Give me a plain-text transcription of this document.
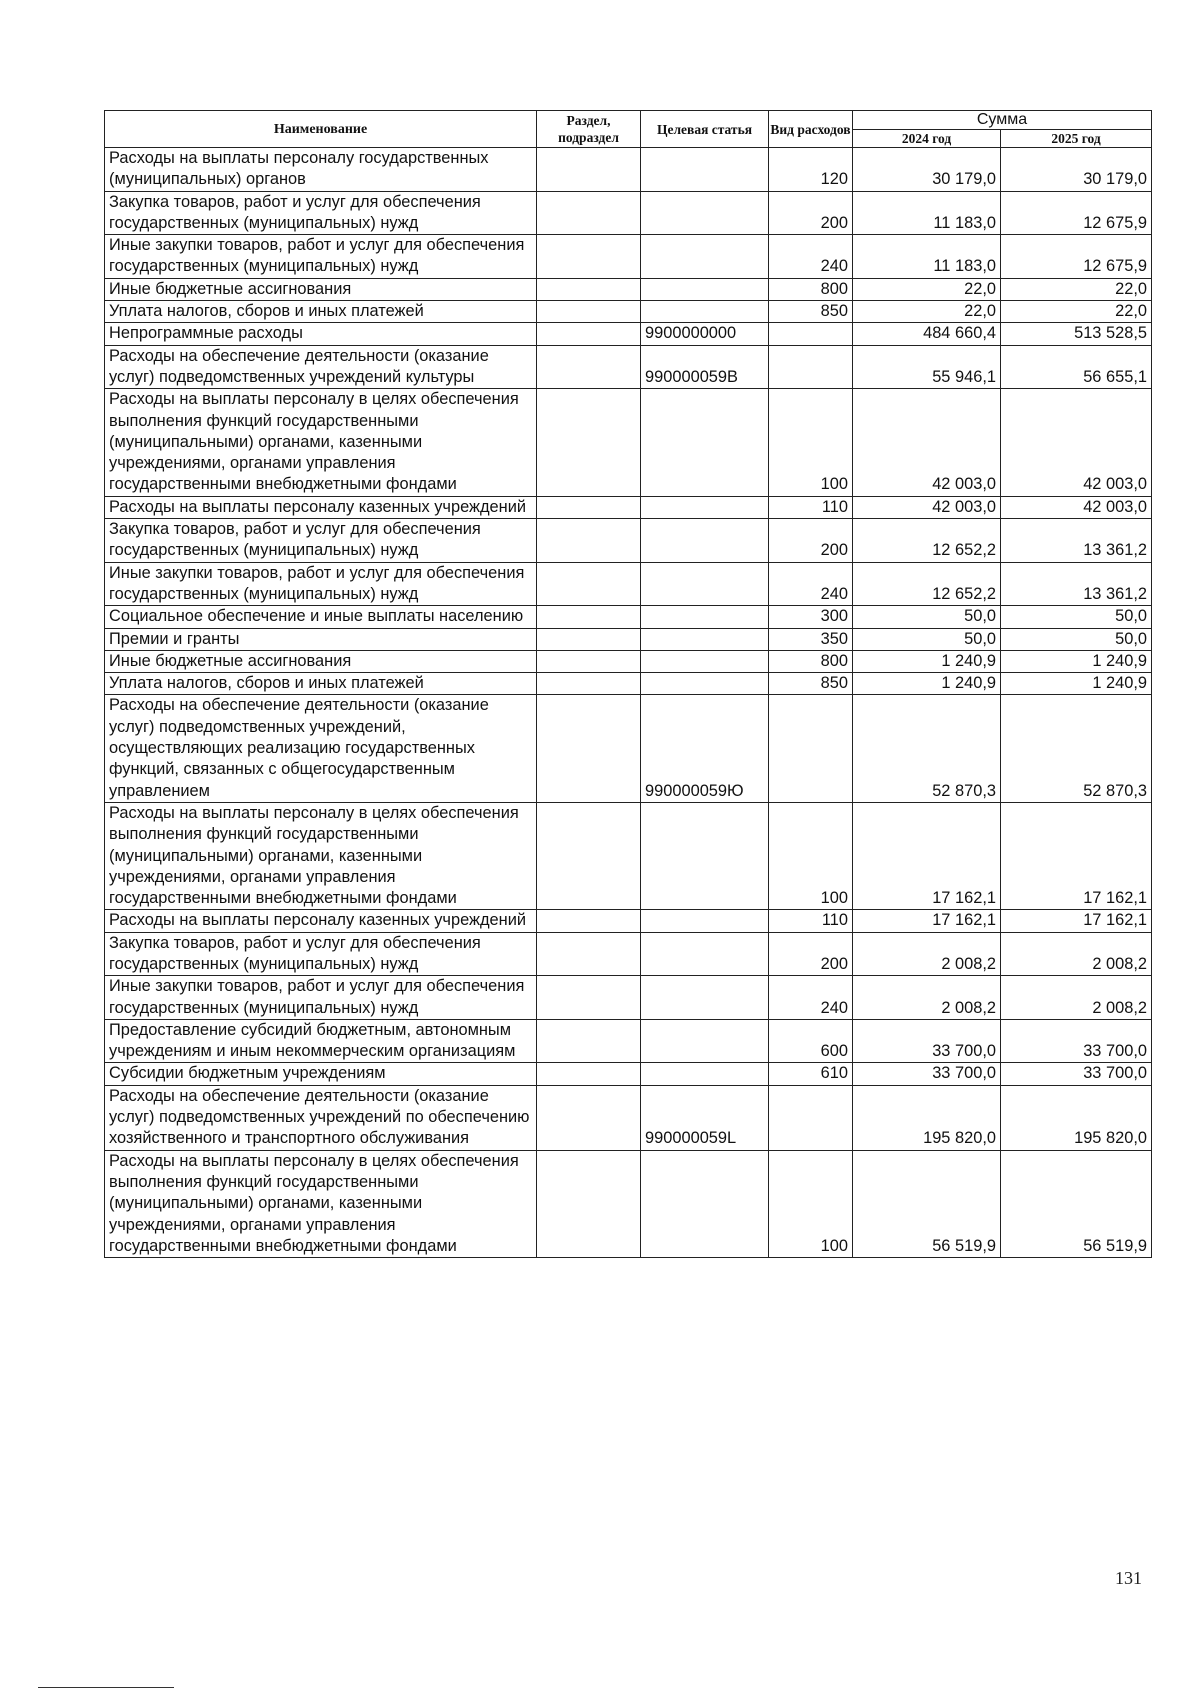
Наименование	Раздел, подраздел	Целевая статья	Вид расходов	Сумма	
				2024 год	2025 год
Расходы на выплаты персоналу государственных (муниципальных) органов			120	30 179,0	30 179,0
Закупка товаров, работ и услуг для обеспечения государственных (муниципальных) нужд			200	11 183,0	12 675,9
Иные закупки товаров, работ и услуг для обеспечения государственных (муниципальных) нужд			240	11 183,0	12 675,9
Иные бюджетные ассигнования			800	22,0	22,0
Уплата налогов, сборов и иных платежей			850	22,0	22,0
Непрограммные расходы		9900000000		484 660,4	513 528,5
Расходы на обеспечение деятельности (оказание услуг) подведомственных учреждений культуры		990000059В		55 946,1	56 655,1
Расходы на выплаты персоналу в целях обеспечения выполнения функций государственными (муниципальными) органами, казенными учреждениями, органами управления государственными внебюджетными фондами			100	42 003,0	42 003,0
Расходы на выплаты персоналу казенных учреждений			110	42 003,0	42 003,0
Закупка товаров, работ и услуг для обеспечения государственных (муниципальных) нужд			200	12 652,2	13 361,2
Иные закупки товаров, работ и услуг для обеспечения государственных (муниципальных) нужд			240	12 652,2	13 361,2
Социальное обеспечение и иные выплаты населению			300	50,0	50,0
Премии и гранты			350	50,0	50,0
Иные бюджетные ассигнования			800	1 240,9	1 240,9
Уплата налогов, сборов и иных платежей			850	1 240,9	1 240,9
Расходы на обеспечение деятельности (оказание услуг) подведомственных учреждений, осуществляющих реализацию государственных функций, связанных с общегосударственным управлением		990000059Ю		52 870,3	52 870,3
Расходы на выплаты персоналу в целях обеспечения выполнения функций государственными (муниципальными) органами, казенными учреждениями, органами управления государственными внебюджетными фондами			100	17 162,1	17 162,1
Расходы на выплаты персоналу казенных учреждений			110	17 162,1	17 162,1
Закупка товаров, работ и услуг для обеспечения государственных (муниципальных) нужд			200	2 008,2	2 008,2
Иные закупки товаров, работ и услуг для обеспечения государственных (муниципальных) нужд			240	2 008,2	2 008,2
Предоставление субсидий бюджетным, автономным учреждениям и иным некоммерческим организациям			600	33 700,0	33 700,0
Субсидии бюджетным учреждениям			610	33 700,0	33 700,0
Расходы на обеспечение деятельности (оказание услуг) подведомственных учреждений по обеспечению хозяйственного и транспортного обслуживания		990000059L		195 820,0	195 820,0
Расходы на выплаты персоналу в целях обеспечения выполнения функций государственными (муниципальными) органами, казенными учреждениями, органами управления государственными внебюджетными фондами			100	56 519,9	56 519,9
131
